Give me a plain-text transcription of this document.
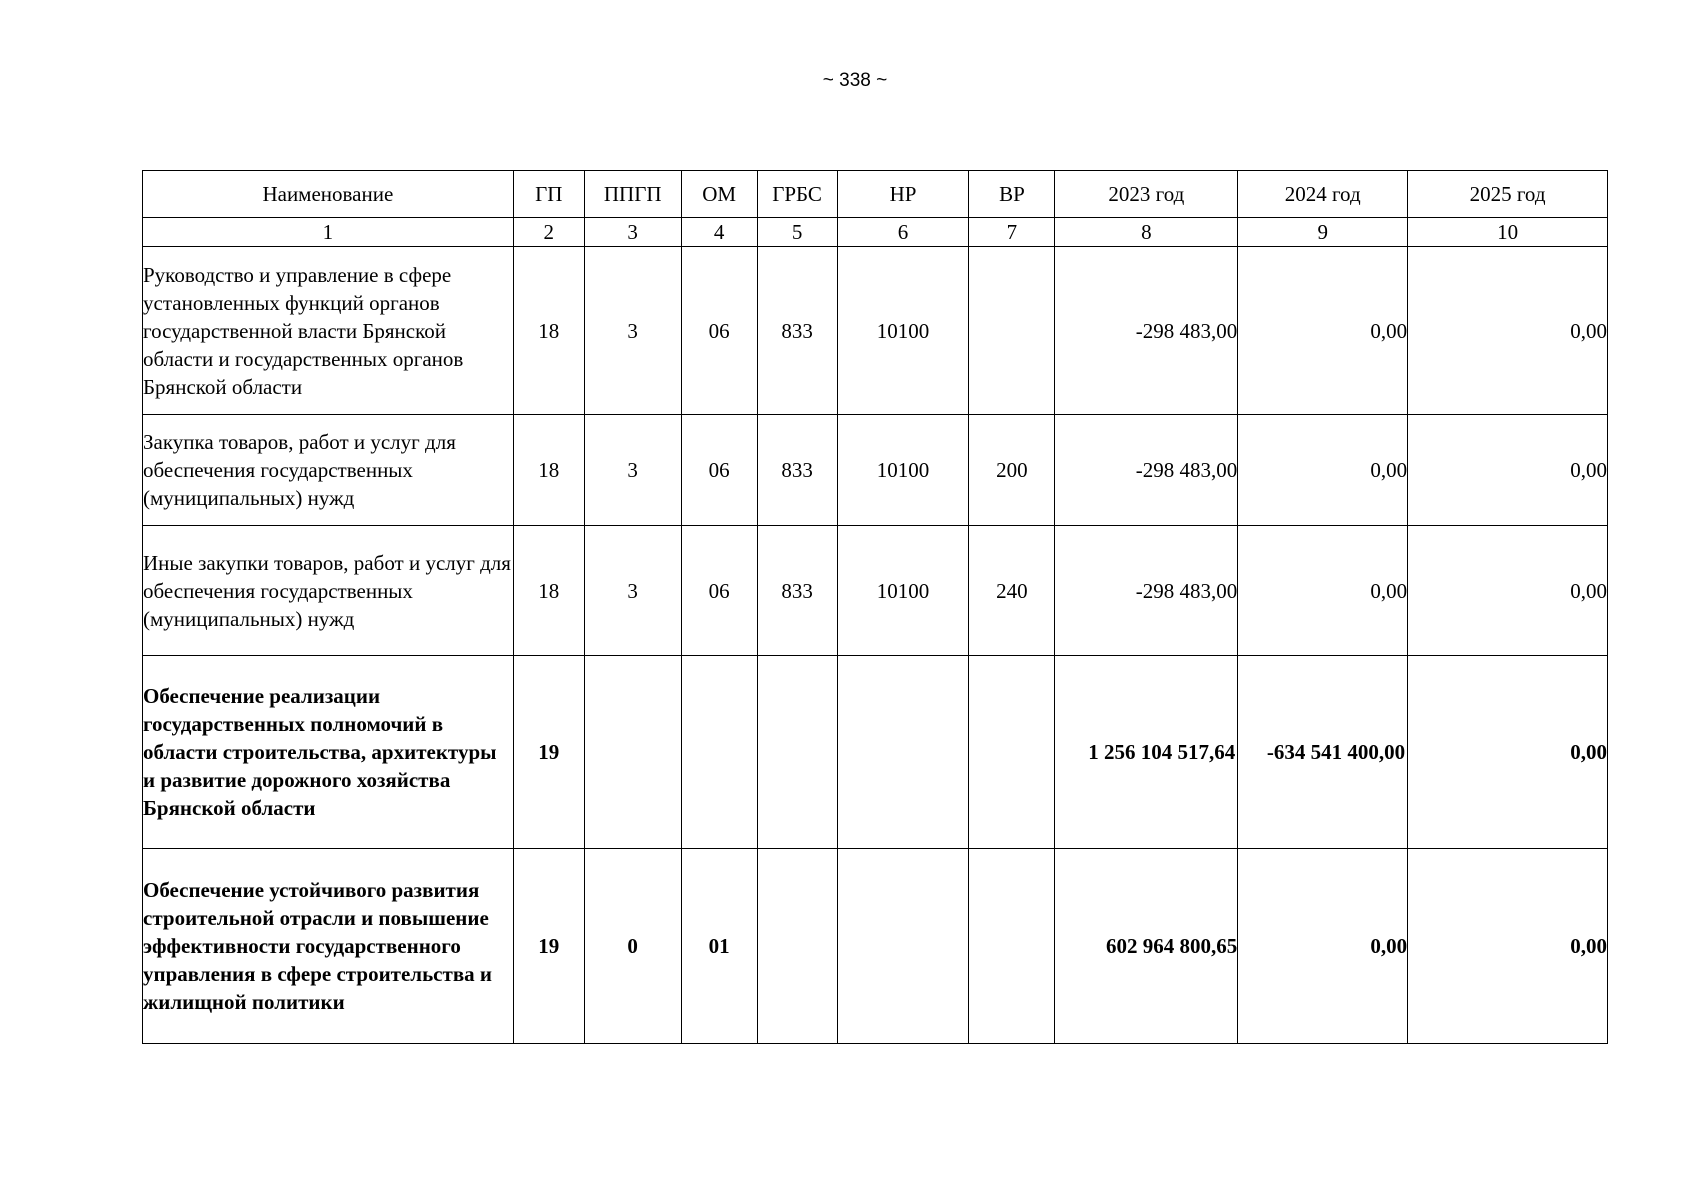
~ 338 ~
Наименование	ГП	ППГП	ОМ	ГРБС	НР	ВР	2023 год	2024 год	2025 год
1	2	3	4	5	6	7	8	9	10
Руководство и управление в сфере установленных функций органов государственной власти Брянской области и государственных органов Брянской области	18	3	06	833	10100		-298 483,00	0,00	0,00
Закупка товаров, работ и услуг для обеспечения государственных (муниципальных) нужд	18	3	06	833	10100	200	-298 483,00	0,00	0,00
Иные закупки товаров, работ и услуг для обеспечения государственных (муниципальных) нужд	18	3	06	833	10100	240	-298 483,00	0,00	0,00
Обеспечение реализации государственных полномочий в области строительства, архитектуры и развитие дорожного хозяйства Брянской области	19						1 256 104 517,64	-634 541 400,00	0,00
Обеспечение устойчивого развития строительной отрасли и повышение эффективности государственного управления в сфере строительства и жилищной политики	19	0	01				602 964 800,65	0,00	0,00
